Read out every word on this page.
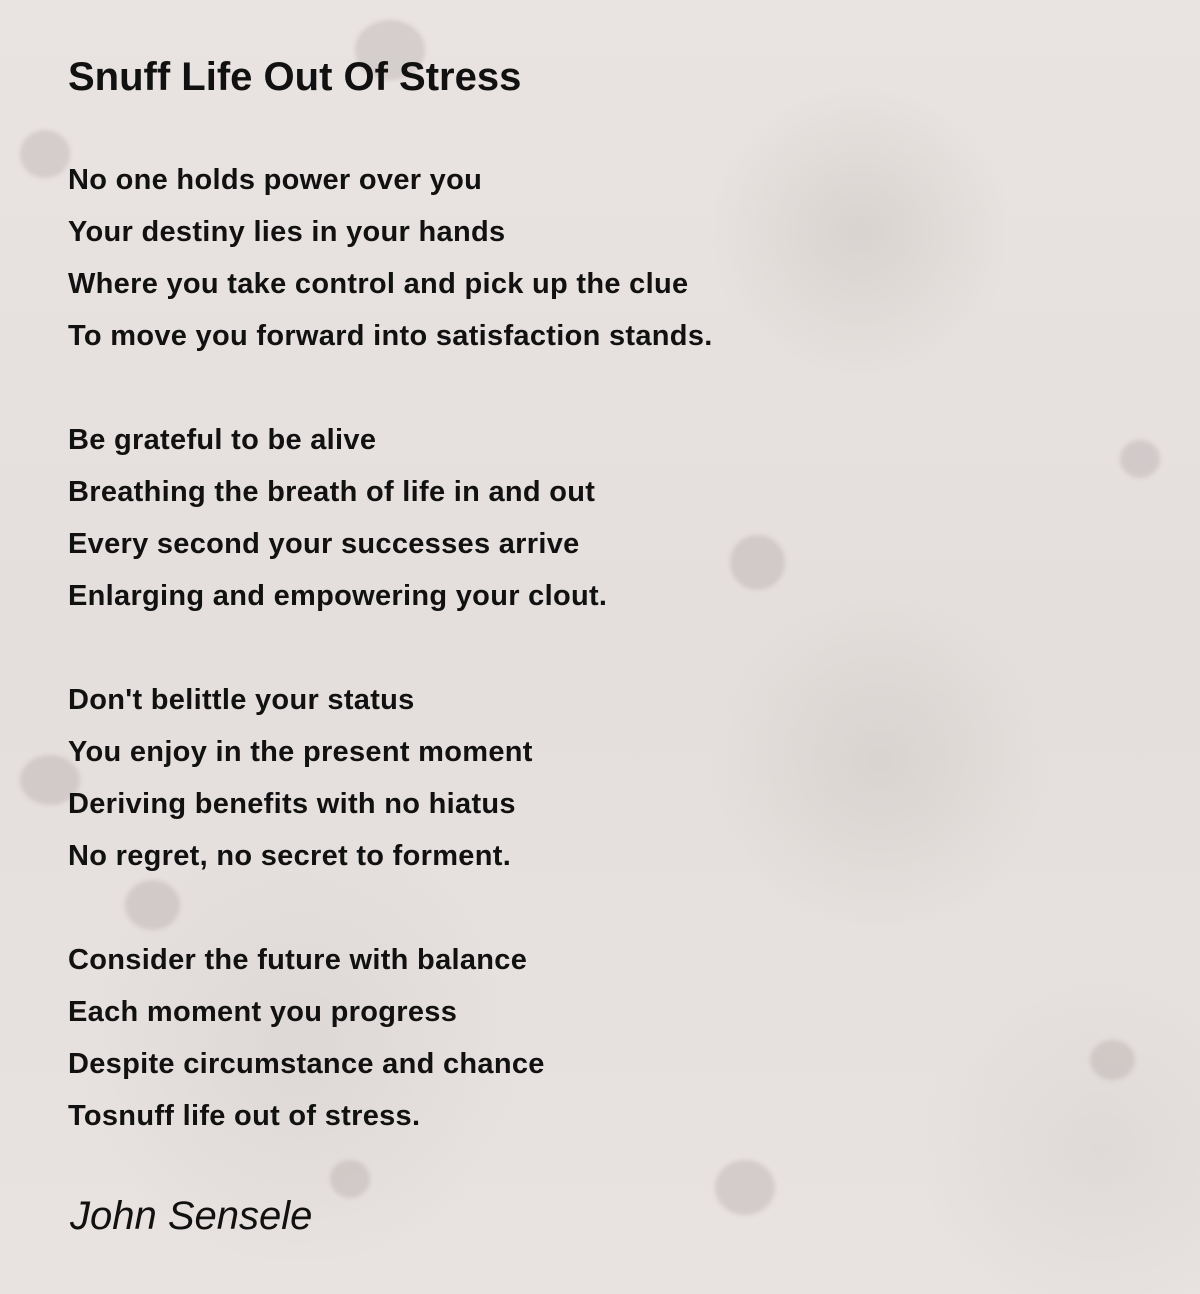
Snuff Life Out Of Stress
No one holds power over you
Your destiny lies in your hands
Where you take control and pick up the clue
To move you forward into satisfaction stands.
Be grateful to be alive
Breathing the breath of life in and out
Every second your successes arrive
Enlarging and empowering your clout.
Don't belittle your status
You enjoy in the present moment
Deriving benefits with no hiatus
No regret, no secret to forment.
Consider the future with balance
Each moment you progress
Despite circumstance and chance
Tosnuff life out of stress.
John Sensele
